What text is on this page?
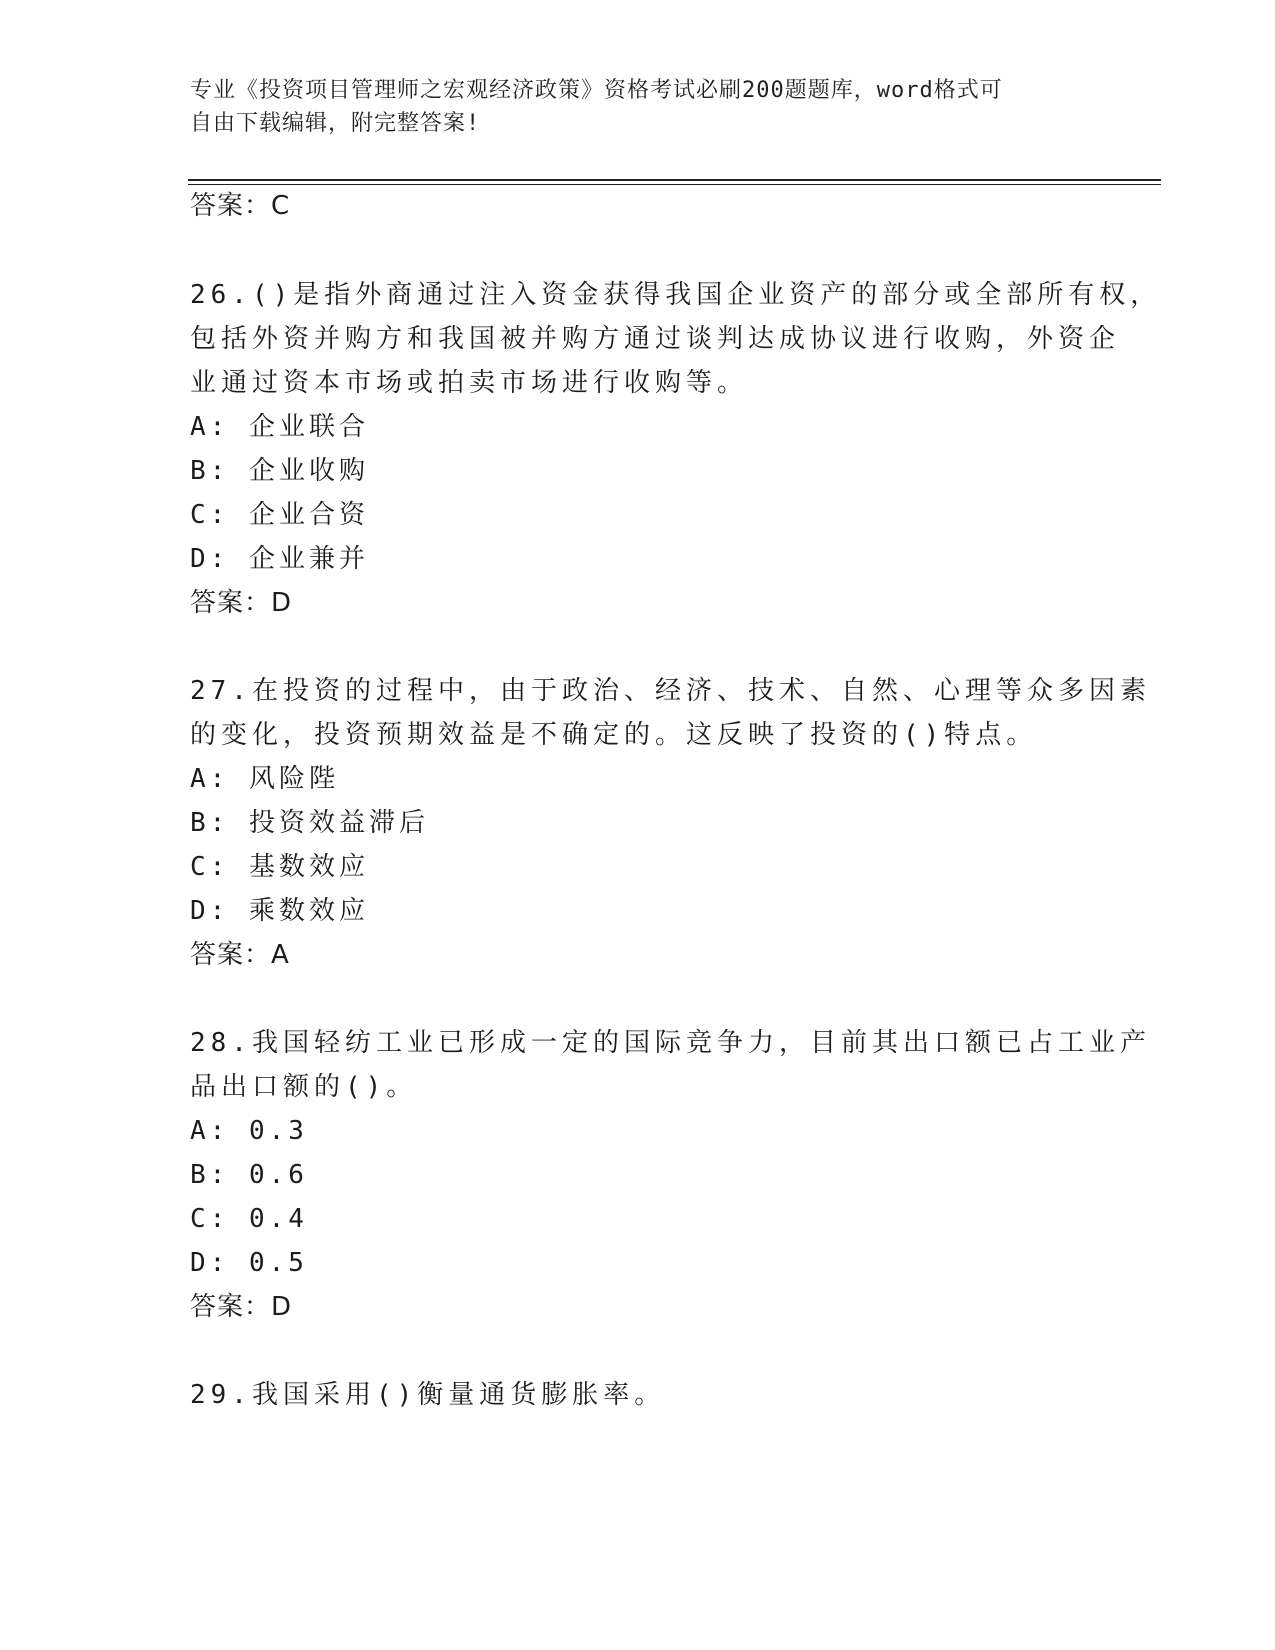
专业《投资项目管理师之宏观经济政策》资格考试必刷200题题库，word格式可
自由下载编辑，附完整答案!
答案：C
26.()是指外商通过注入资金获得我国企业资产的部分或全部所有权，
包括外资并购方和我国被并购方通过谈判达成协议进行收购，外资企
业通过资本市场或拍卖市场进行收购等。
A: 企业联合
B: 企业收购
C: 企业合资
D: 企业兼并
答案：D
27.在投资的过程中，由于政治、经济、技术、自然、心理等众多因素
的变化，投资预期效益是不确定的。这反映了投资的()特点。
A: 风险陛
B: 投资效益滞后
C: 基数效应
D: 乘数效应
答案：A
28.我国轻纺工业已形成一定的国际竞争力，目前其出口额已占工业产
品出口额的()。
A: 0.3
B: 0.6
C: 0.4
D: 0.5
答案：D
29.我国采用()衡量通货膨胀率。
